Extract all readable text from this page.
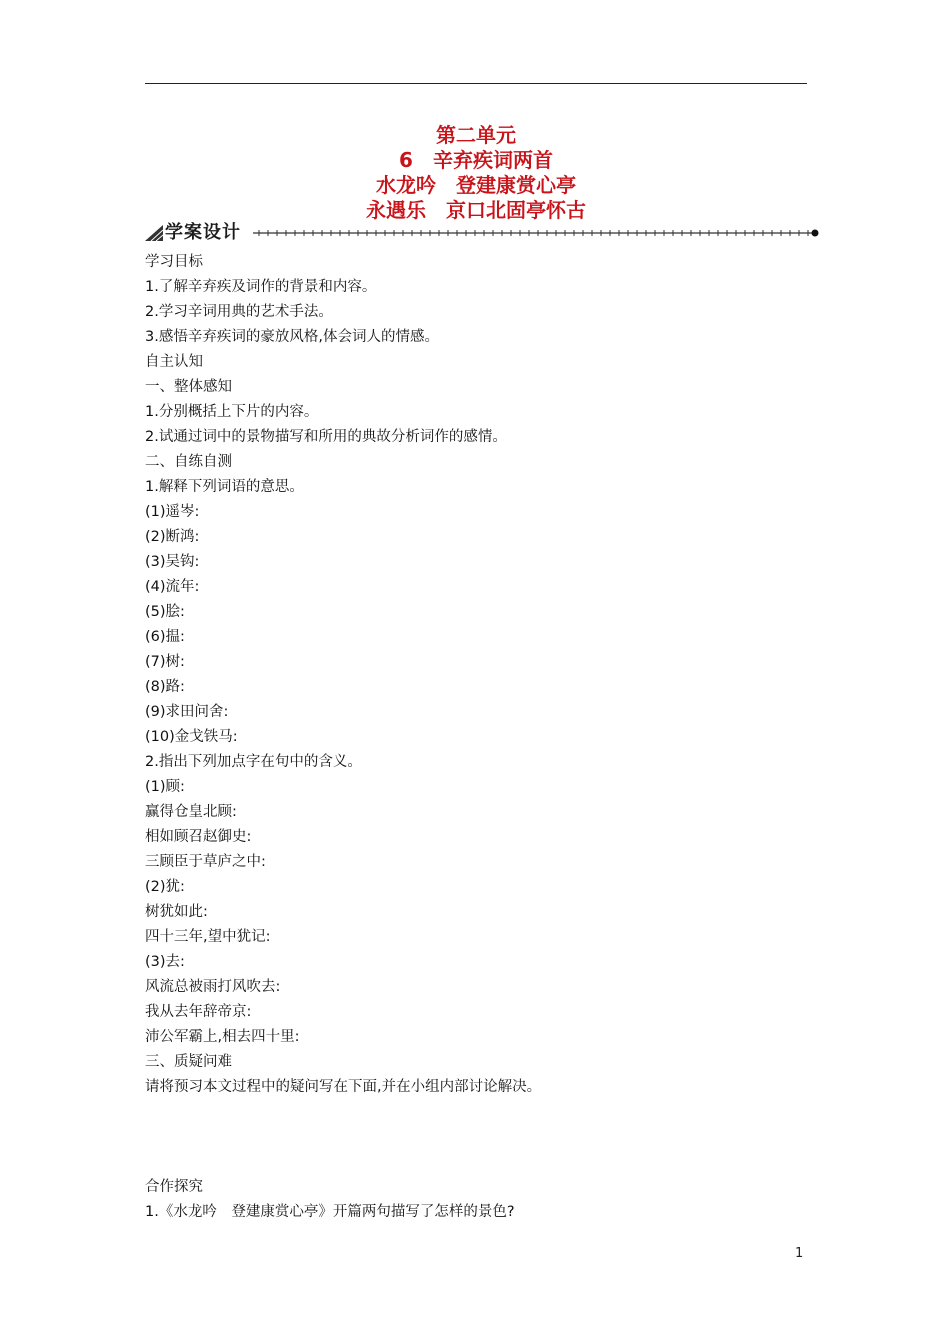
第二单元
6　辛弃疾词两首
水龙吟　登建康赏心亭
永遇乐　京口北固亭怀古
学案设计
学习目标
1.了解辛弃疾及词作的背景和内容。
2.学习辛词用典的艺术手法。
3.感悟辛弃疾词的豪放风格,体会词人的情感。
自主认知
一、整体感知
1.分别概括上下片的内容。
2.试通过词中的景物描写和所用的典故分析词作的感情。
二、自练自测
1.解释下列词语的意思。
(1)遥岑:
(2)断鸿:
(3)吴钩:
(4)流年:
(5)脍:
(6)揾:
(7)树:
(8)路:
(9)求田问舍:
(10)金戈铁马:
2.指出下列加点字在句中的含义。
(1)顾:
赢得仓皇北顾:
相如顾召赵御史:
三顾臣于草庐之中:
(2)犹:
树犹如此:
四十三年,望中犹记:
(3)去:
风流总被雨打风吹去:
我从去年辞帝京:
沛公军霸上,相去四十里:
三、质疑问难
请将预习本文过程中的疑问写在下面,并在小组内部讨论解决。
合作探究
1.《水龙吟　登建康赏心亭》开篇两句描写了怎样的景色?
1
